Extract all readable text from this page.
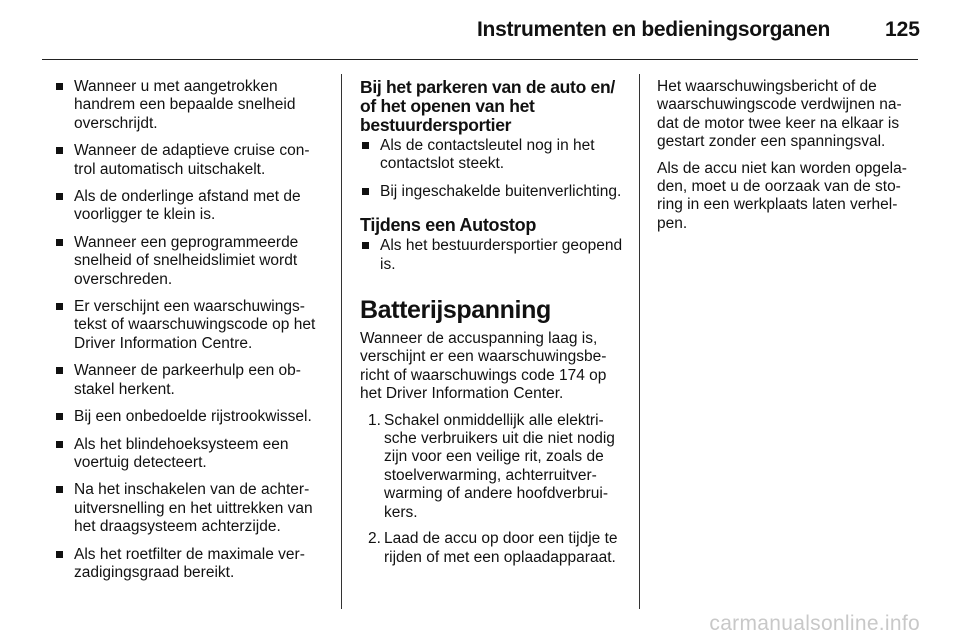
Instrumenten en bedieningsorganen	125
Wanneer u met aangetrokken handrem een bepaalde snelheid overschrijdt.
Wanneer de adaptieve cruise con- trol automatisch uitschakelt.
Als de onderlinge afstand met de voorligger te klein is.
Wanneer een geprogrammeerde snelheid of snelheidslimiet wordt overschreden.
Er verschijnt een waarschuwings- tekst of waarschuwingscode op het Driver Information Centre.
Wanneer de parkeerhulp een ob- stakel herkent.
Bij een onbedoelde rijstrookwissel.
Als het blindehoeksysteem een voertuig detecteert.
Na het inschakelen van de achter- uitversnelling en het uittrekken van het draagsysteem achterzijde.
Als het roetfilter de maximale ver- zadigingsgraad bereikt.
Bij het parkeren van de auto en/ of het openen van het bestuurdersportier
Als de contactsleutel nog in het contactslot steekt.
Bij ingeschakelde buitenverlichting.
Tijdens een Autostop
Als het bestuurdersportier geopend is.
Batterijspanning

Wanneer de accuspanning laag is, verschijnt er een waarschuwingsbe- richt of waarschuwings code 174 op het Driver Information Center.

1. Schakel onmiddellijk alle elektri- sche verbruikers uit die niet nodig zijn voor een veilige rit, zoals de stoelverwarming, achterruitver- warming of andere hoofdverbrui- kers.
2. Laad de accu op door een tijdje te rijden of met een oplaadapparaat.

Het waarschuwingsbericht of de waarschuwingscode verdwijnen na- dat de motor twee keer na elkaar is gestart zonder een spanningsval.

Als de accu niet kan worden opgela- den, moet u de oorzaak van de sto- ring in een werkplaats laten verhel- pen.

carmanualsonline.info
